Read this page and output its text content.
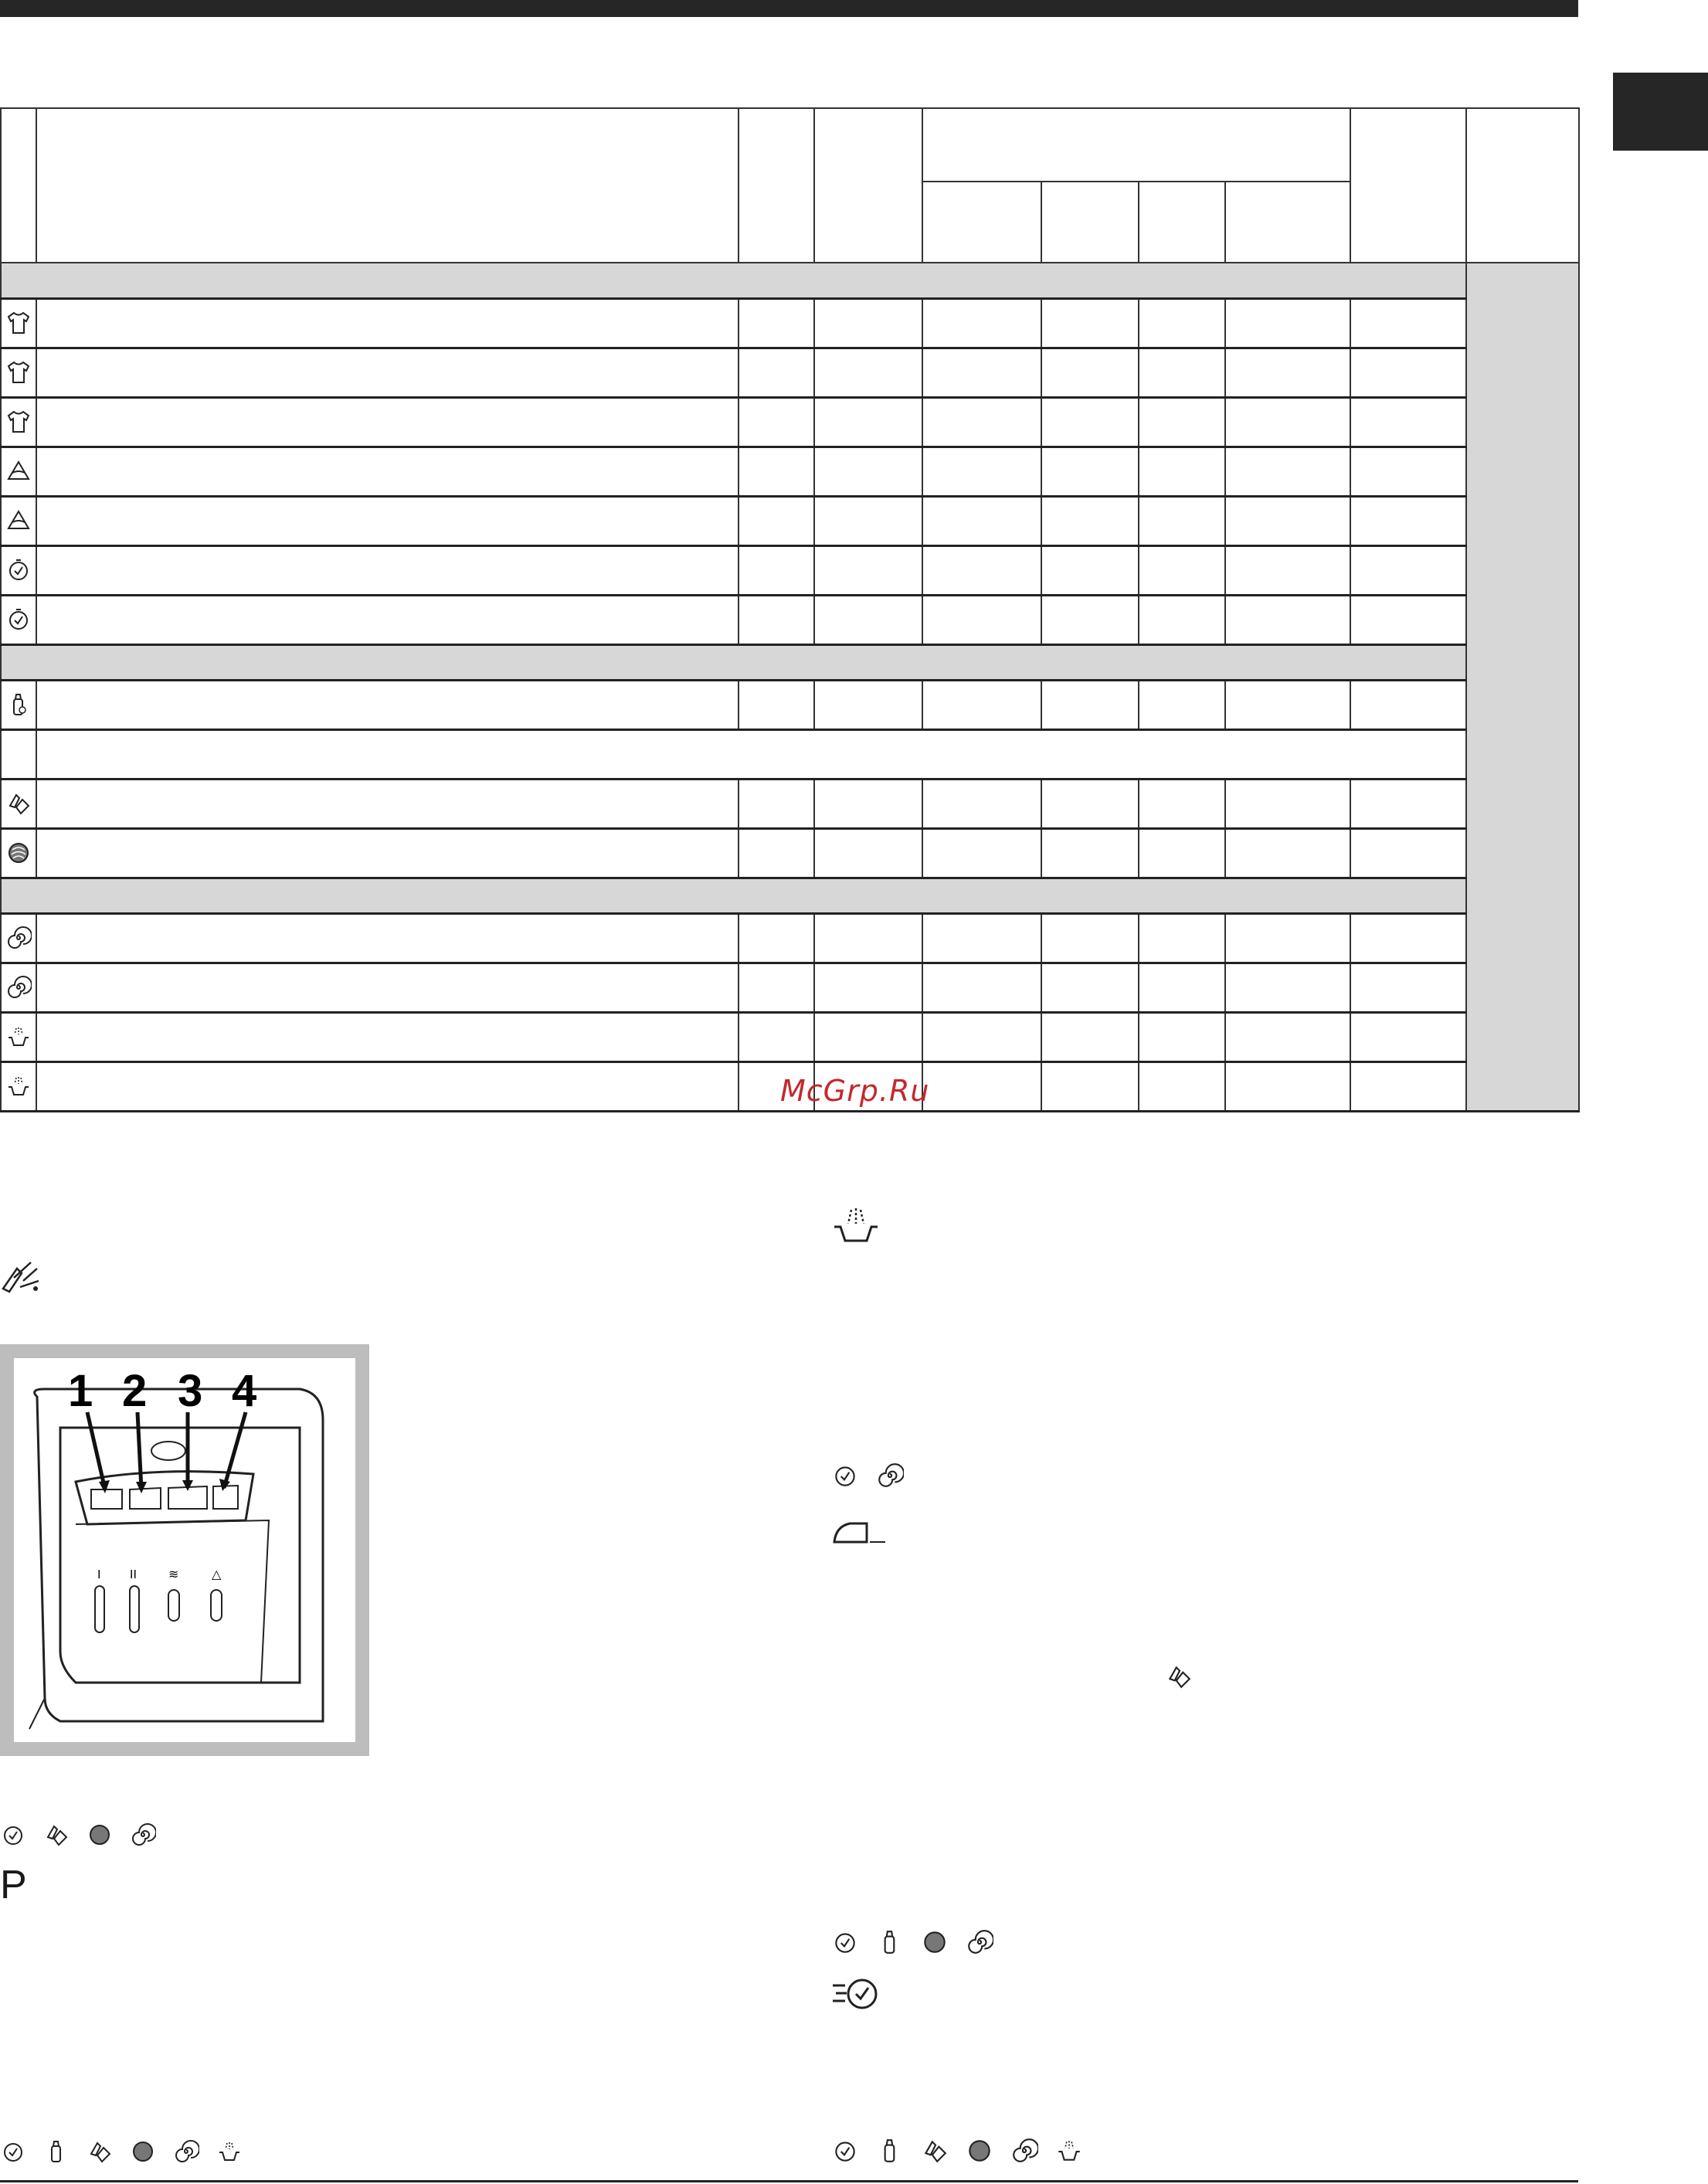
McGrp.Ru
I II	≋	△
1 2 3 4
P
